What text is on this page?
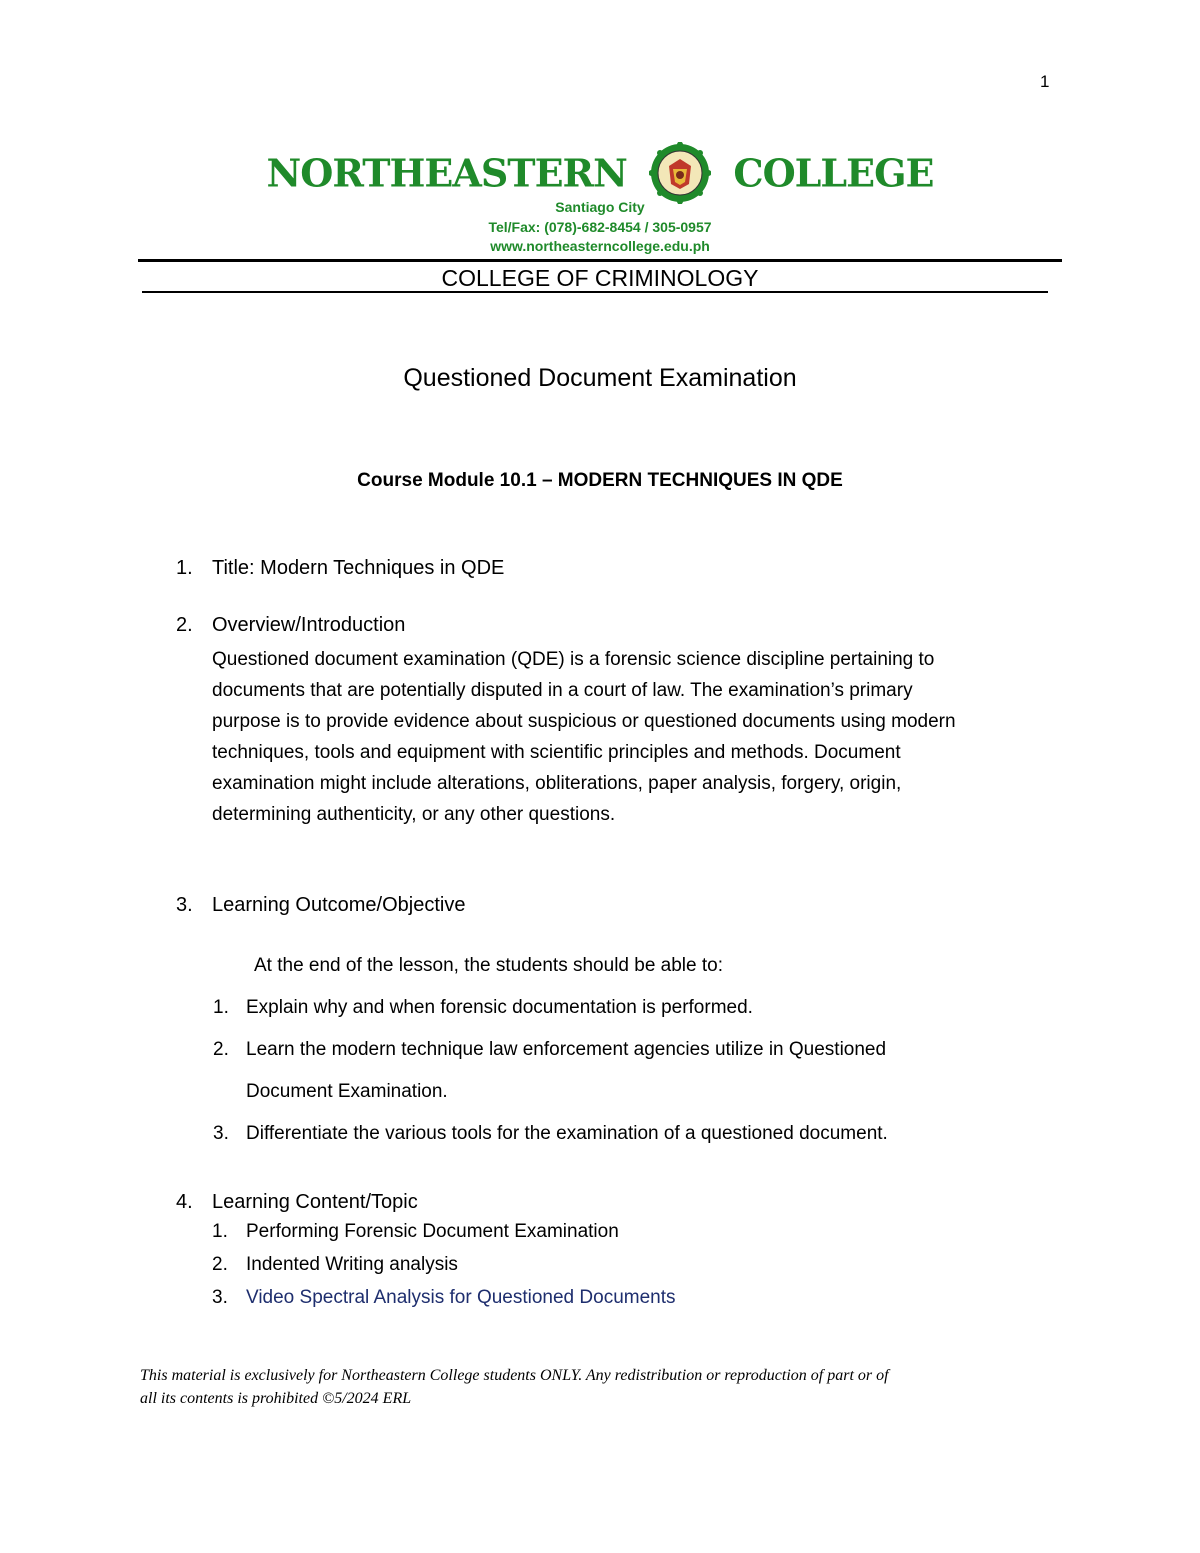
1
NORTHEASTERN	COLLEGE
Santiago City
Tel/Fax: (078)-682-8454 / 305-0957
www.northeasterncollege.edu.ph
COLLEGE OF CRIMINOLOGY
Questioned Document Examination
Course Module 10.1 – MODERN TECHNIQUES IN QDE
1. Title: Modern Techniques in QDE
2. Overview/Introduction
Questioned document examination (QDE) is a forensic science discipline pertaining to
documents that are potentially disputed in a court of law. The examination’s primary
purpose is to provide evidence about suspicious or questioned documents using modern
techniques, tools and equipment with scientific principles and methods. Document
examination might include alterations, obliterations, paper analysis, forgery, origin,
determining authenticity, or any other questions.
3. Learning Outcome/Objective
At the end of the lesson, the students should be able to:
1. Explain why and when forensic documentation is performed.
2. Learn the modern technique law enforcement agencies utilize in Questioned
Document Examination.
3. Differentiate the various tools for the examination of a questioned document.
4. Learning Content/Topic
1. Performing Forensic Document Examination
2. Indented Writing analysis
3. Video Spectral Analysis for Questioned Documents
This material is exclusively for Northeastern College students ONLY. Any redistribution or reproduction of part or of
all its contents is prohibited ©5/2024 ERL
